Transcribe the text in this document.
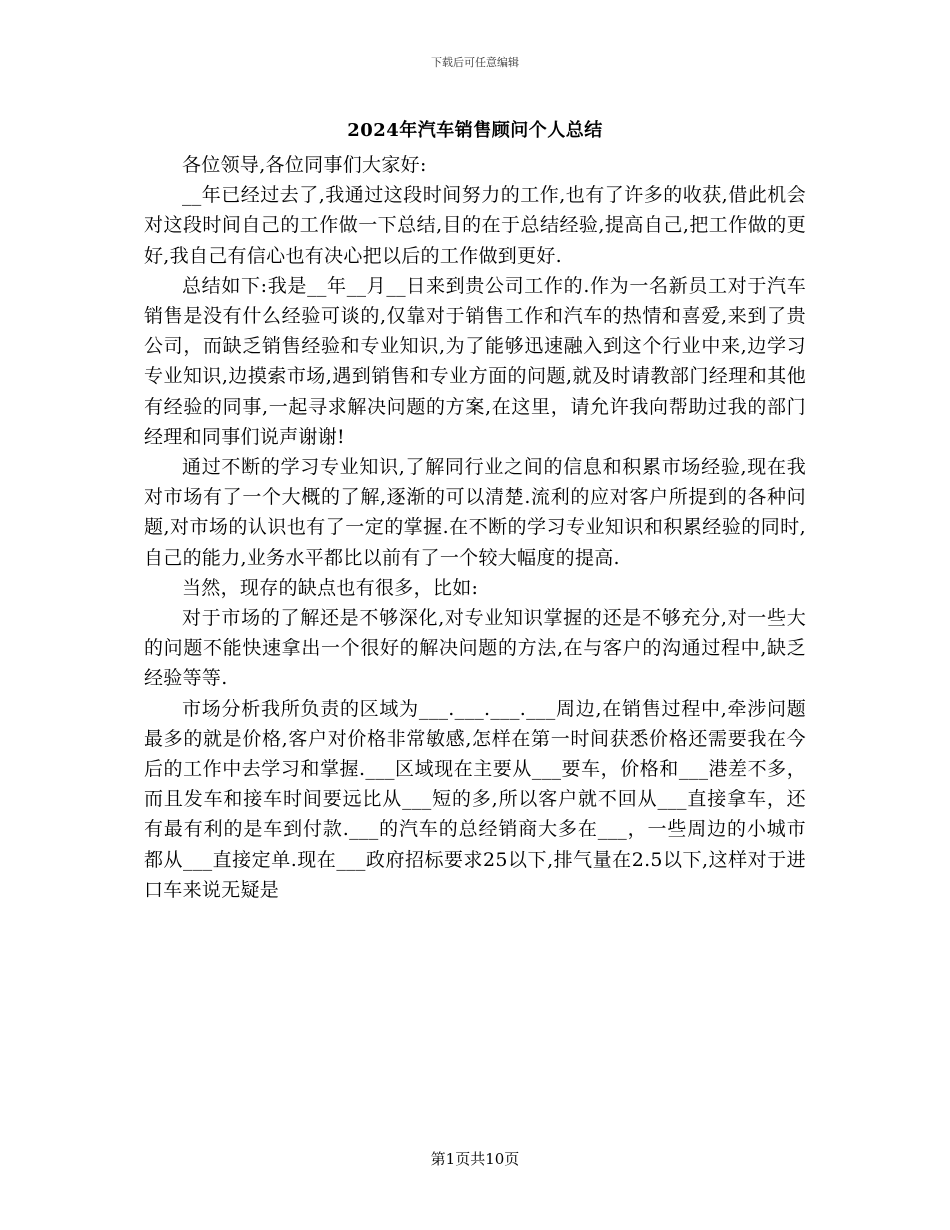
下载后可任意编辑
2024年汽车销售顾问个人总结

各位领导,各位同事们大家好:

__年已经过去了,我通过这段时间努力的工作,也有了许多的收获,借此机会对这段时间自己的工作做一下总结,目的在于总结经验,提高自己,把工作做的更好,我自己有信心也有决心把以后的工作做到更好.

总结如下:我是__年__月__日来到贵公司工作的.作为一名新员工对于汽车销售是没有什么经验可谈的,仅靠对于销售工作和汽车的热情和喜爱,来到了贵公司，而缺乏销售经验和专业知识,为了能够迅速融入到这个行业中来,边学习专业知识,边摸索市场,遇到销售和专业方面的问题,就及时请教部门经理和其他有经验的同事,一起寻求解决问题的方案,在这里，请允许我向帮助过我的部门经理和同事们说声谢谢!

通过不断的学习专业知识,了解同行业之间的信息和积累市场经验,现在我对市场有了一个大概的了解,逐渐的可以清楚.流利的应对客户所提到的各种问题,对市场的认识也有了一定的掌握.在不断的学习专业知识和积累经验的同时,自己的能力,业务水平都比以前有了一个较大幅度的提高.

当然，现存的缺点也有很多，比如:

对于市场的了解还是不够深化,对专业知识掌握的还是不够充分,对一些大的问题不能快速拿出一个很好的解决问题的方法,在与客户的沟通过程中,缺乏经验等等.

市场分析我所负责的区域为___.___.___.___周边,在销售过程中,牵涉问题最多的就是价格,客户对价格非常敏感,怎样在第一时间获悉价格还需要我在今后的工作中去学习和掌握.___区域现在主要从___要车，价格和___港差不多，而且发车和接车时间要远比从___短的多,所以客户就不回从___直接拿车，还有最有利的是车到付款.___的汽车的总经销商大多在___，一些周边的小城市都从___直接定单.现在___政府招标要求25以下,排气量在2.5以下,这样对于进口车来说无疑是

第1页共10页
